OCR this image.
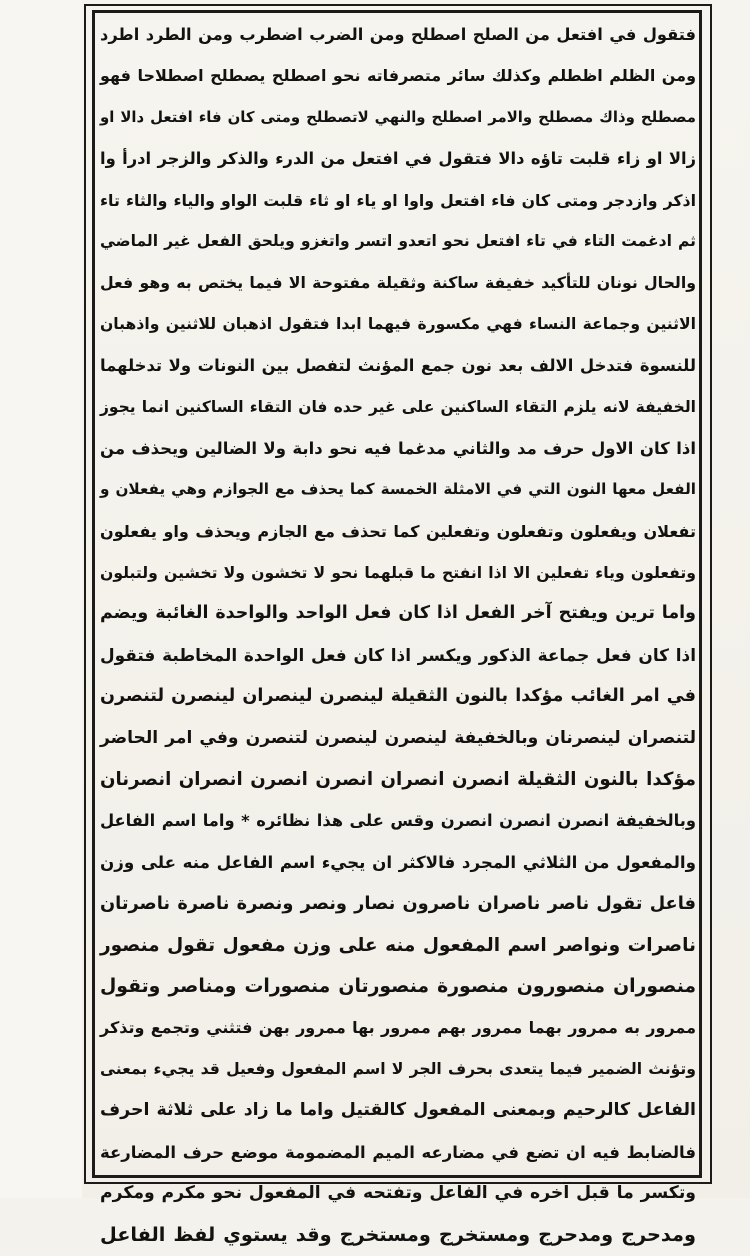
فتقول في افتعل من الصلح اصطلح ومن الضرب اضطرب ومن الطرد اطرد
ومن الظلم اظطلم وكذلك سائر متصرفاته نحو اصطلح يصطلح اصطلاحا فهو
مصطلح وذاك مصطلح والامر اصطلح والنهي لاتصطلح ومتى كان فاء افتعل دالا او
زالا او زاء قلبت تاؤه دالا فتقول في افتعل من الدرء والذكر والزجر ادرأ وا
اذكر وازدجر ومتى كان فاء افتعل واوا او ياء او ثاء قلبت الواو والياء والثاء تاء
ثم ادغمت التاء في تاء افتعل نحو اتعدو اتسر واتغزو ويلحق الفعل غير الماضي
والحال نونان للتأكيد خفيفة ساكنة وثقيلة مفتوحة الا فيما يختص به وهو فعل
الاثنين وجماعة النساء فهي مكسورة فيهما ابدا فتقول اذهبان للاثنين واذهبان
للنسوة فتدخل الالف بعد نون جمع المؤنث لتفصل بين النونات ولا تدخلهما
الخفيفة لانه يلزم التقاء الساكنين على غير حده فان التقاء الساكنين انما يجوز
اذا كان الاول حرف مد والثاني مدغما فيه نحو دابة ولا الضالين ويحذف من
الفعل معها النون التي في الامثلة الخمسة كما يحذف مع الجوازم وهي يفعلان و
تفعلان ويفعلون وتفعلون وتفعلين كما تحذف مع الجازم ويحذف واو يفعلون
وتفعلون وياء تفعلين الا اذا انفتح ما قبلهما نحو لا تخشون ولا تخشين ولتبلون
واما ترين ويفتح آخر الفعل اذا كان فعل الواحد والواحدة الغائبة ويضم
اذا كان فعل جماعة الذكور ويكسر اذا كان فعل الواحدة المخاطبة فتقول
في امر الغائب مؤكدا بالنون الثقيلة لينصرن لينصران لينصرن لتنصرن
لتنصران لينصرنان وبالخفيفة لينصرن لينصرن لتنصرن وفي امر الحاضر
مؤكدا بالنون الثقيلة انصرن انصران انصرن انصرن انصران انصرنان
وبالخفيفة انصرن انصرن انصرن وقس على هذا نظائره * واما اسم الفاعل
والمفعول من الثلاثي المجرد فالاكثر ان يجيء اسم الفاعل منه على وزن
فاعل تقول ناصر ناصران ناصرون نصار ونصر ونصرة ناصرة ناصرتان
ناصرات ونواصر اسم المفعول منه على وزن مفعول تقول منصور
منصوران منصورون منصورة منصورتان منصورات ومناصر وتقول
ممرور به ممرور بهما ممرور بهم ممرور بها ممرور بهن فتثني وتجمع وتذكر
وتؤنث الضمير فيما يتعدى بحرف الجر لا اسم المفعول وفعيل قد يجيء بمعنى
الفاعل كالرحيم وبمعنى المفعول كالقتيل واما ما زاد على ثلاثة احرف
فالضابط فيه ان تضع في مضارعه الميم المضمومة موضع حرف المضارعة
وتكسر ما قبل آخره في الفاعل وتفتحه في المفعول نحو مكرم ومكرم
ومدحرج ومدحرج ومستخرج ومستخرج وقد يستوي لفظ الفاعل
